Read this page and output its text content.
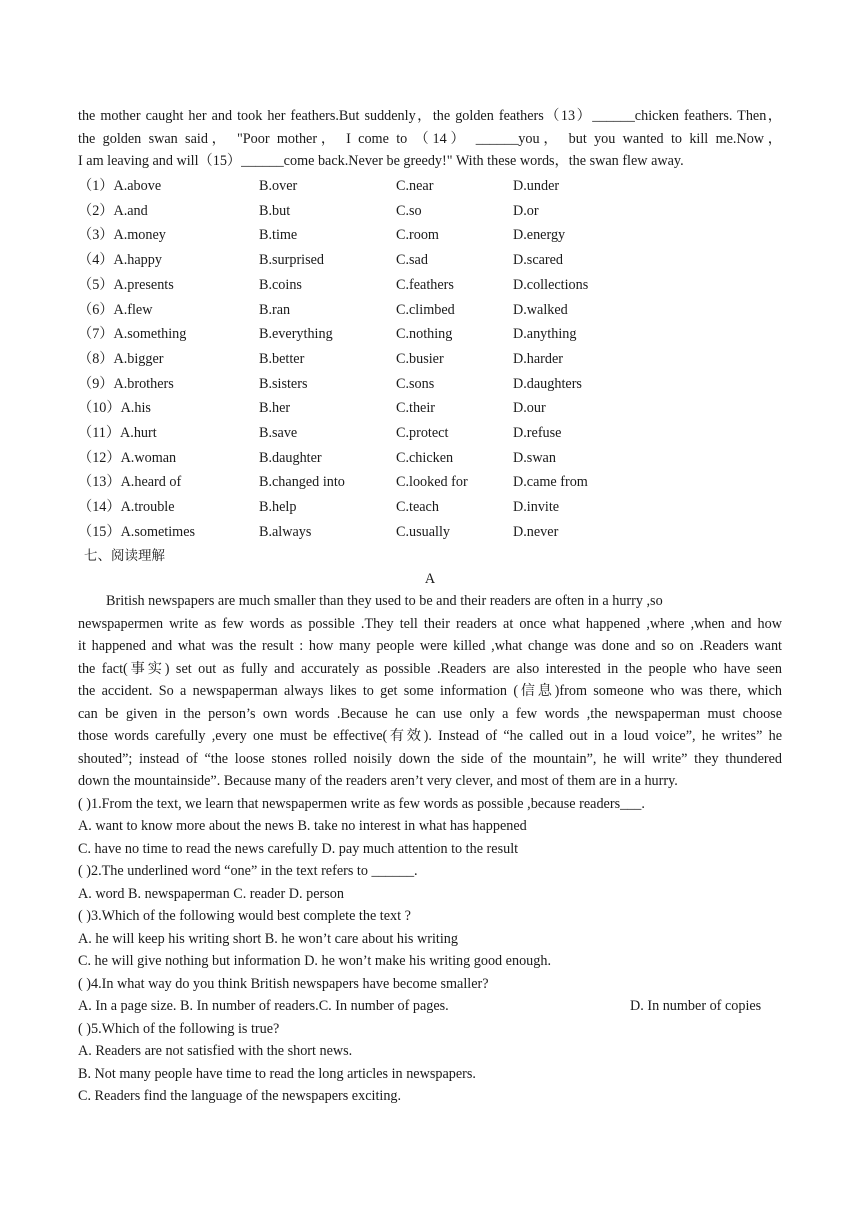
the mother caught her and took her feathers.But suddenly，the golden feathers（13）______chicken feathers. Then，
the golden swan said， "Poor mother， I come to （14） ______you， but you wanted to kill me.Now，
I am leaving and will（15）______come back.Never be greedy!" With these words，the swan flew away.
（1）A.above	B.over	C.near	D.under
（2）A.and	B.but	C.so	D.or
（3）A.money	B.time	C.room	D.energy
（4）A.happy	B.surprised	C.sad	D.scared
（5）A.presents	B.coins	C.feathers	D.collections
（6）A.flew	B.ran	C.climbed	D.walked
（7）A.something	B.everything	C.nothing	D.anything
（8）A.bigger	B.better	C.busier	D.harder
（9）A.brothers	B.sisters	C.sons	D.daughters
（10）A.his	B.her	C.their	D.our
（11）A.hurt	B.save	C.protect	D.refuse
（12）A.woman	B.daughter	C.chicken	D.swan
（13）A.heard of	B.changed into	C.looked for	D.came from
（14）A.trouble	B.help	C.teach	D.invite
（15）A.sometimes	B.always	C.usually	D.never
七、阅读理解
A
British newspapers are much smaller than they used to be and their readers are often in a hurry ,so
newspapermen write as few words as possible .They tell their readers at once what happened ,where ,when and how
it happened and what was the result : how many people were killed ,what change was done and so on .Readers want
the fact(事实) set out as fully and accurately as possible .Readers are also interested in the people who have seen
the accident. So a newspaperman always likes to get some information (信息)from someone who was there, which
can be given in the person’s own words .Because he can use only a few words ,the newspaperman must choose
those words carefully ,every one must be effective(有效). Instead of “he called out in a loud voice”, he writes” he
shouted”; instead of “the loose stones rolled noisily down the side of the mountain”, he will write” they thundered
down the mountainside”. Because many of the readers aren’t very clever, and most of them are in a hurry.
( )1.From the text, we learn that newspapermen write as few words as possible ,because readers___.
A. want to know more about the news B. take no interest in what has happened
C. have no time to read the news carefully D. pay much attention to the result
( )2.The underlined word “one” in the text refers to ______.
A. word B. newspaperman C. reader D. person
( )3.Which of the following would best complete the text ?
A. he will keep his writing short B. he won’t care about his writing
C. he will give nothing but information D. he won’t make his writing good enough.
( )4.In what way do you think British newspapers have become smaller?
A. In a page size. B. In number of readers.C. In number of pages.	D. In number of copies
( )5.Which of the following is true?
A. Readers are not satisfied with the short news.
B. Not many people have time to read the long articles in newspapers.
C. Readers find the language of the newspapers exciting.
